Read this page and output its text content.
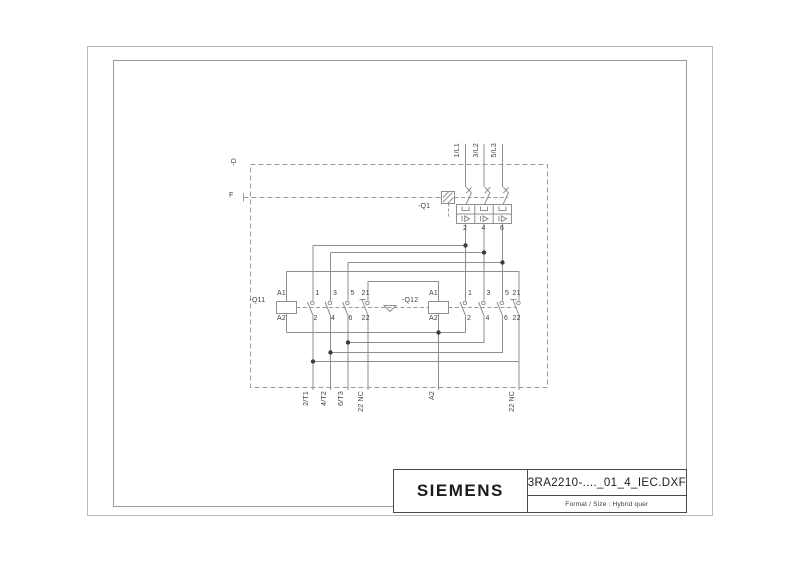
-D
F
-Q1
1/L1 3/L2 5/L3
2 4 6
-Q11
A1
A2
1 3 5 21
2 4 6 22
-Q12
A1
A2
1 3 5 21
2 4 6 22
2/T1 4/T2 6/T3 22 NC	A2	22 NC
SIEMENS	3RA2210-...._01_4_IEC.DXF
Format / Size : Hybrid quer
